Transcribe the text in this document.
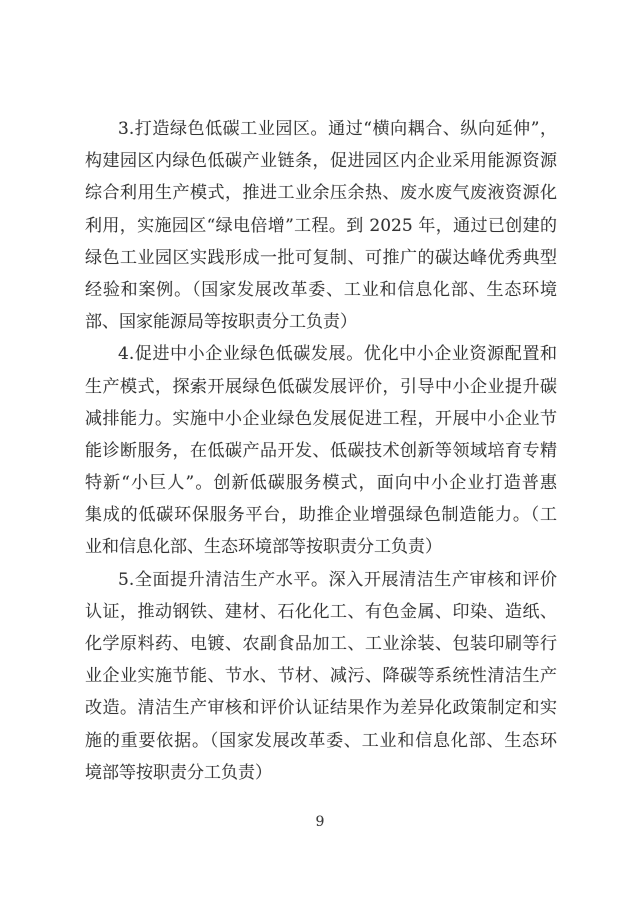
3.打造绿色低碳工业园区。通过“横向耦合、纵向延伸”，
构建园区内绿色低碳产业链条，促进园区内企业采用能源资源
综合利用生产模式，推进工业余压余热、废水废气废液资源化
利用，实施园区“绿电倍增”工程。到 2025 年，通过已创建的
绿色工业园区实践形成一批可复制、可推广的碳达峰优秀典型
经验和案例。（国家发展改革委、工业和信息化部、生态环境
部、国家能源局等按职责分工负责）
4.促进中小企业绿色低碳发展。优化中小企业资源配置和
生产模式，探索开展绿色低碳发展评价，引导中小企业提升碳
减排能力。实施中小企业绿色发展促进工程，开展中小企业节
能诊断服务，在低碳产品开发、低碳技术创新等领域培育专精
特新“小巨人”。创新低碳服务模式，面向中小企业打造普惠
集成的低碳环保服务平台，助推企业增强绿色制造能力。（工
业和信息化部、生态环境部等按职责分工负责）
5.全面提升清洁生产水平。深入开展清洁生产审核和评价
认证，推动钢铁、建材、石化化工、有色金属、印染、造纸、
化学原料药、电镀、农副食品加工、工业涂装、包装印刷等行
业企业实施节能、节水、节材、减污、降碳等系统性清洁生产
改造。清洁生产审核和评价认证结果作为差异化政策制定和实
施的重要依据。（国家发展改革委、工业和信息化部、生态环
境部等按职责分工负责）
9
